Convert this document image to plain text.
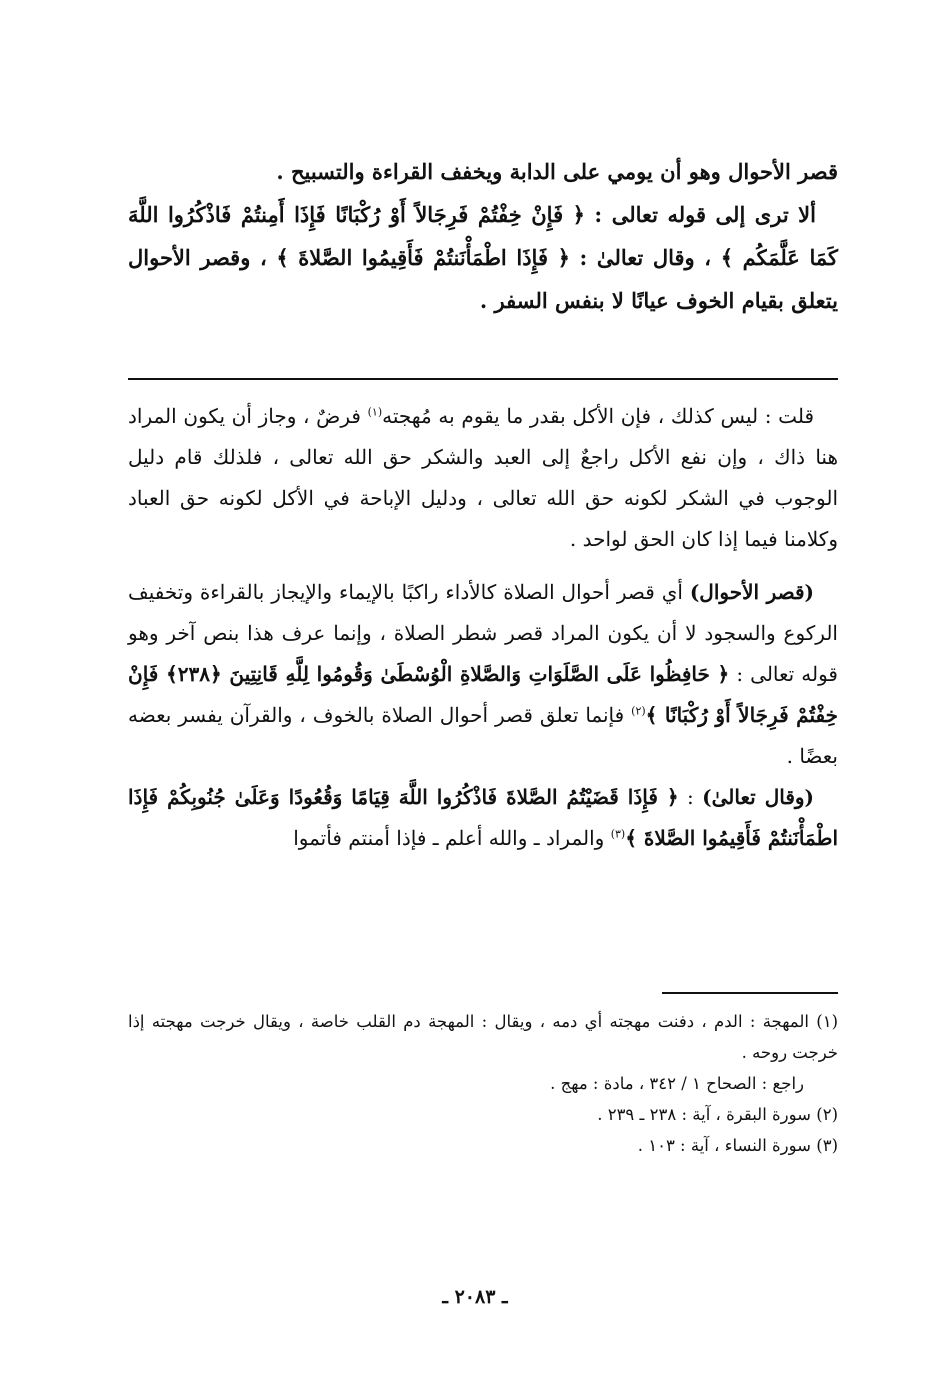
قصر الأحوال وهو أن يومي على الدابة ويخفف القراءة والتسبيح .

ألا ترى إلى قوله تعالى : ﴿ فَإِنْ خِفْتُمْ فَرِجَالاً أَوْ رُكْبَانًا فَإِذَا أَمِنتُمْ فَاذْكُرُوا اللَّهَ كَمَا عَلَّمَكُم ﴾ ، وقال تعالىٰ : ﴿ فَإِذَا اطْمَأْنَنتُمْ فَأَقِيمُوا الصَّلاةَ ﴾ ، وقصر الأحوال يتعلق بقيام الخوف عيانًا لا بنفس السفر .

قلت : ليس كذلك ، فإن الأكل بقدر ما يقوم به مُهجته$^{(١)}$ فرضٌ ، وجاز أن يكون المراد هنا ذاك ، وإن نفع الأكل راجعٌ إلى العبد والشكر حق الله تعالى ، فلذلك قام دليل الوجوب في الشكر لكونه حق الله تعالى ، ودليل الإباحة في الأكل لكونه حق العباد وكلامنا فيما إذا كان الحق لواحد .

(قصر الأحوال) أي قصر أحوال الصلاة كالأداء راكبًا بالإيماء والإيجاز بالقراءة وتخفيف الركوع والسجود لا أن يكون المراد قصر شطر الصلاة ، وإنما عرف هذا بنص آخر وهو قوله تعالى : ﴿ حَافِظُوا عَلَى الصَّلَوَاتِ وَالصَّلاةِ الْوُسْطَىٰ وَقُومُوا لِلَّهِ قَانِتِينَ ﴿٢٣٨﴾ فَإِنْ خِفْتُمْ فَرِجَالاً أَوْ رُكْبَانًا ﴾$^{(٢)}$ فإنما تعلق قصر أحوال الصلاة بالخوف ، والقرآن يفسر بعضه بعضًا .

(وقال تعالىٰ) : ﴿ فَإِذَا قَضَيْتُمُ الصَّلاةَ فَاذْكُرُوا اللَّهَ قِيَامًا وَقُعُودًا وَعَلَىٰ جُنُوبِكُمْ فَإِذَا اطْمَأْنَنتُمْ فَأَقِيمُوا الصَّلاةَ ﴾$^{(٣)}$ والمراد ـ والله أعلم ـ فإذا أمنتم فأتموا

(١) المهجة : الدم ، دفنت مهجته أي دمه ، ويقال : المهجة دم القلب خاصة ، ويقال خرجت مهجته إذا خرجت روحه .

راجع : الصحاح ١ / ٣٤٢ ، مادة : مهج .

(٢) سورة البقرة ، آية : ٢٣٨ ـ ٢٣٩ .

(٣) سورة النساء ، آية : ١٠٣ .

ـ ٢٠٨٣ ـ
